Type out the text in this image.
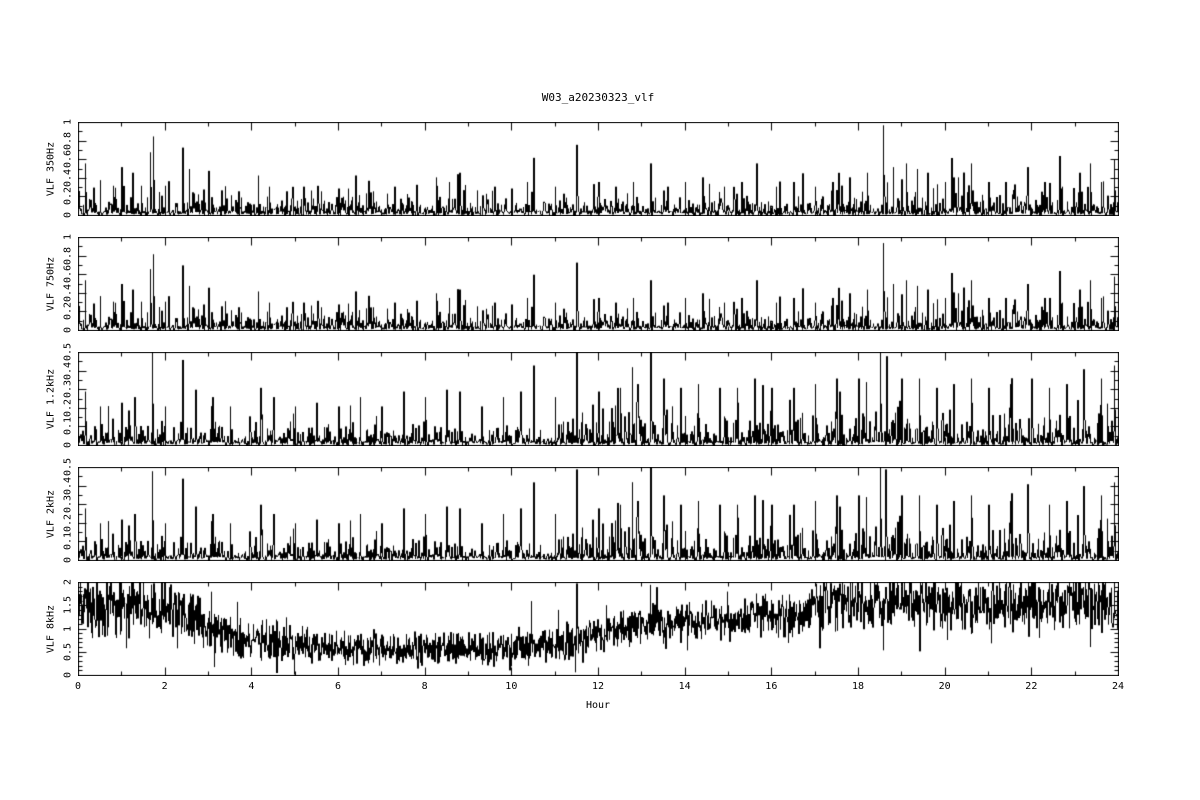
W03_a20230323_vlf
VLF 350Hz
VLF 750Hz
VLF 1.2kHz
VLF 2kHz
VLF 8kHz
0
0.2
0.4
0.6
0.8
1
0
0.2
0.4
0.6
0.8
1
0
0.1
0.2
0.3
0.4
0.5
0
0.1
0.2
0.3
0.4
0.5
0
0.5
1
1.5
2
0	2	4	6	8	10	12	14	16	18	20	22	24
Hour
